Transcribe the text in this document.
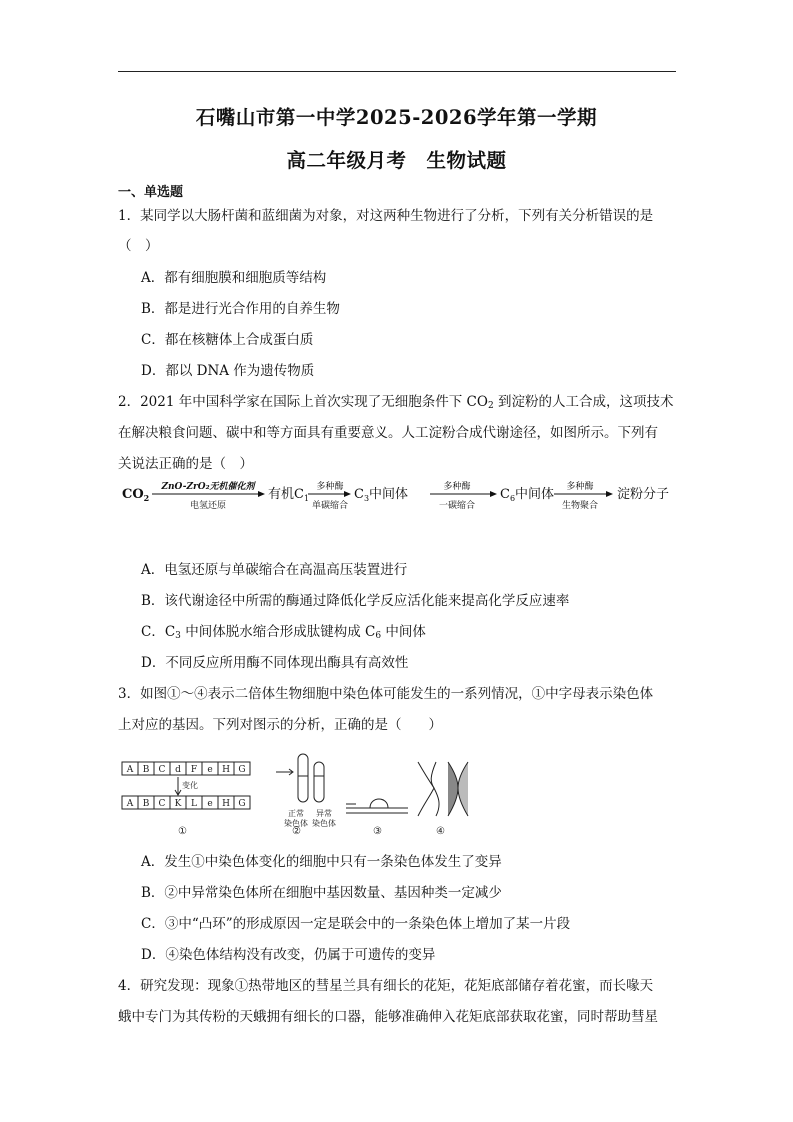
石嘴山市第一中学2025-2026学年第一学期
高二年级月考　生物试题
一、单选题
1．某同学以大肠杆菌和蓝细菌为对象，对这两种生物进行了分析，下列有关分析错误的是
（　）
A．都有细胞膜和细胞质等结构
B．都是进行光合作用的自养生物
C．都在核糖体上合成蛋白质
D．都以 DNA 作为遗传物质
2．2021 年中国科学家在国际上首次实现了无细胞条件下 $CO_2$ 到淀粉的人工合成，这项技术
在解决粮食问题、碳中和等方面具有重要意义。人工淀粉合成代谢途径，如图所示。下列有
关说法正确的是（　）
$CO_2$
ZnO-ZrO₂无机催化剂
电氢还原
有机$C_1$
多种酶
单碳缩合
$C_3$中间体	多种酶
一碳缩合
$C_6$中间体 多种酶
生物聚合
淀粉分子
A．电氢还原与单碳缩合在高温高压装置进行
B．该代谢途径中所需的酶通过降低化学反应活化能来提高化学反应速率
C．$C_3$ 中间体脱水缩合形成肽键构成 $C_6$ 中间体
D．不同反应所用酶不同体现出酶具有高效性
3．如图①～④表示二倍体生物细胞中染色体可能发生的一系列情况，①中字母表示染色体
上对应的基因。下列对图示的分析，正确的是（　　）
A B C d F e H G
A B C K L e H G
变化
正常
染色体
异常
染色体
①	②	③	④
A．发生①中染色体变化的细胞中只有一条染色体发生了变异
B．②中异常染色体所在细胞中基因数量、基因种类一定减少
C．③中“凸环”的形成原因一定是联会中的一条染色体上增加了某一片段
D．④染色体结构没有改变，仍属于可遗传的变异
4．研究发现：现象①热带地区的彗星兰具有细长的花矩，花矩底部储存着花蜜，而长喙天
蛾中专门为其传粉的天蛾拥有细长的口器，能够准确伸入花矩底部获取花蜜，同时帮助彗星
